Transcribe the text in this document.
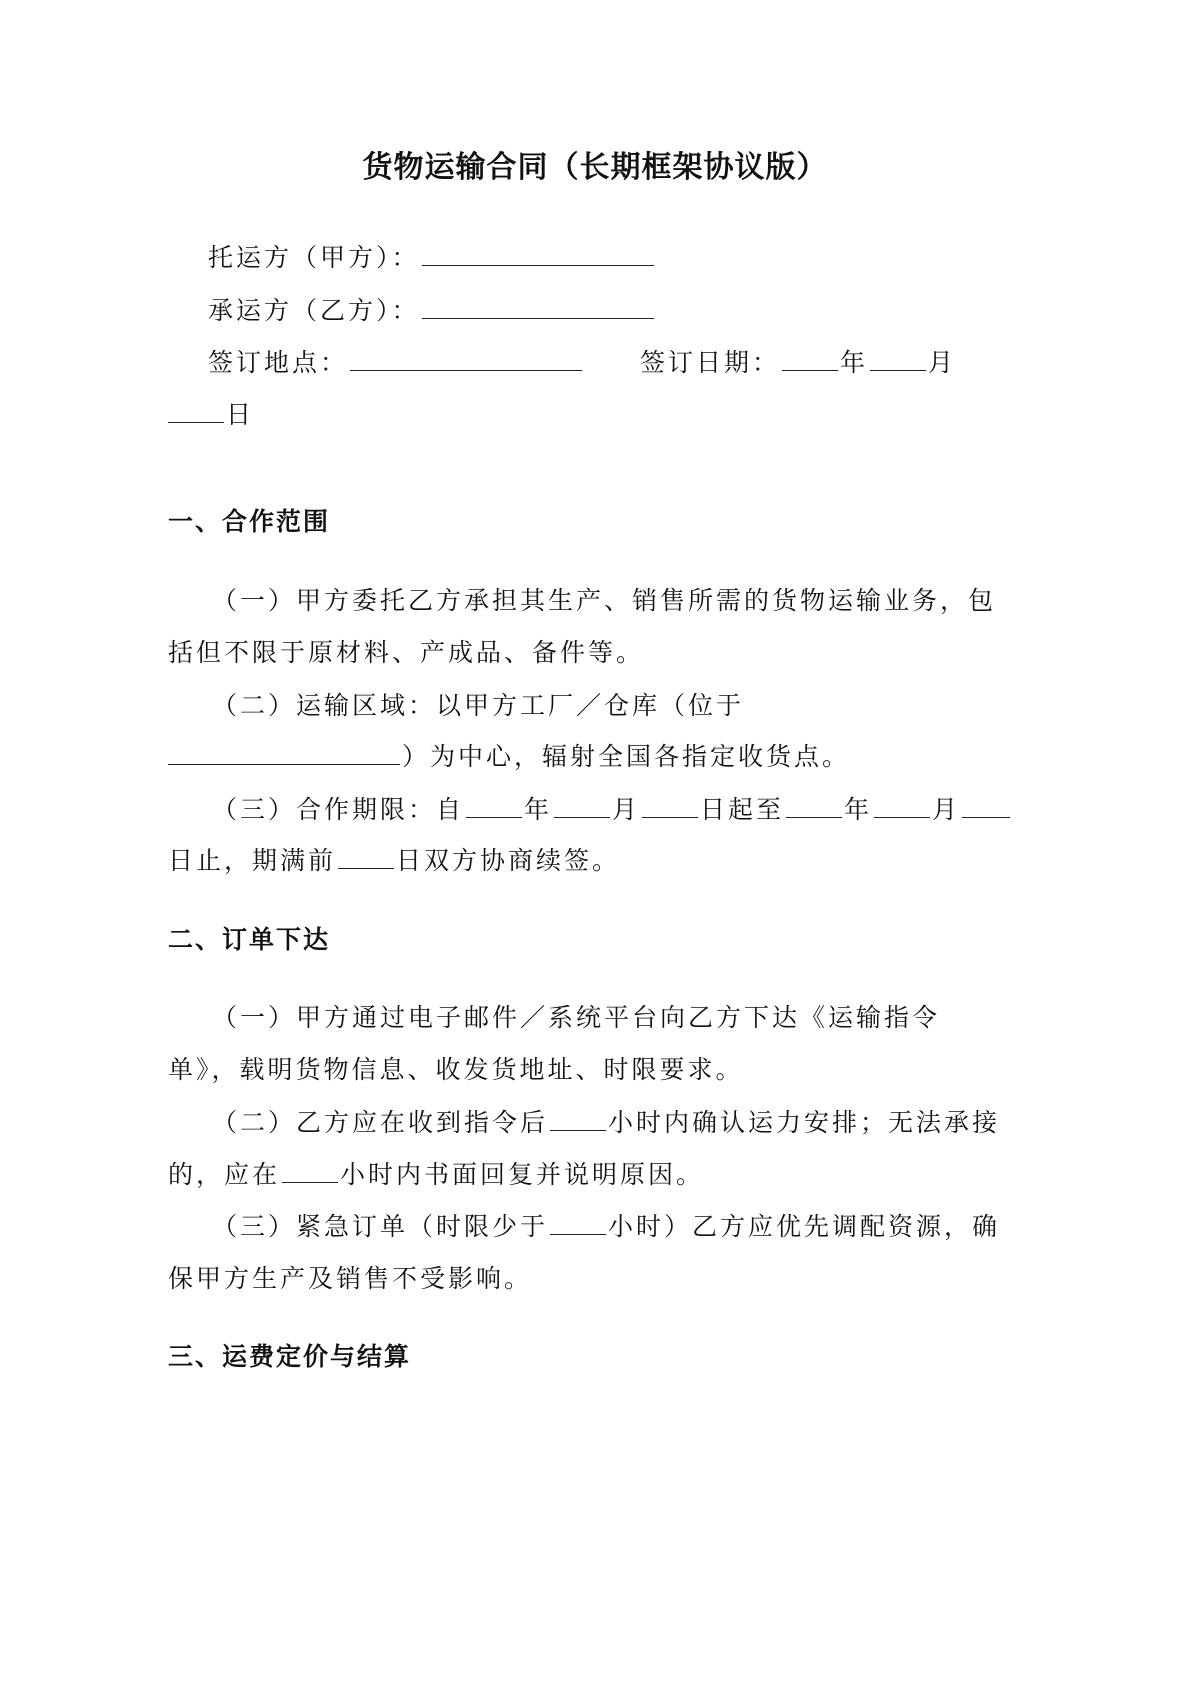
货物运输合同（长期框架协议版）
托运方（甲方）：
承运方（乙方）：
签订地点：	签订日期： 年 月
日
一、合作范围
（一）甲方委托乙方承担其生产、销售所需的货物运输业务，包
括但不限于原材料、产成品、备件等。
（二）运输区域：以甲方工厂／仓库（位于
）为中心，辐射全国各指定收货点。
（三）合作期限：自 年 月 日起至 年 月
日止，期满前 日双方协商续签。
二、订单下达
（一）甲方通过电子邮件／系统平台向乙方下达《运输指令
单》，载明货物信息、收发货地址、时限要求。
（二）乙方应在收到指令后 小时内确认运力安排；无法承接
的，应在 小时内书面回复并说明原因。
（三）紧急订单（时限少于 小时）乙方应优先调配资源，确
保甲方生产及销售不受影响。
三、运费定价与结算
